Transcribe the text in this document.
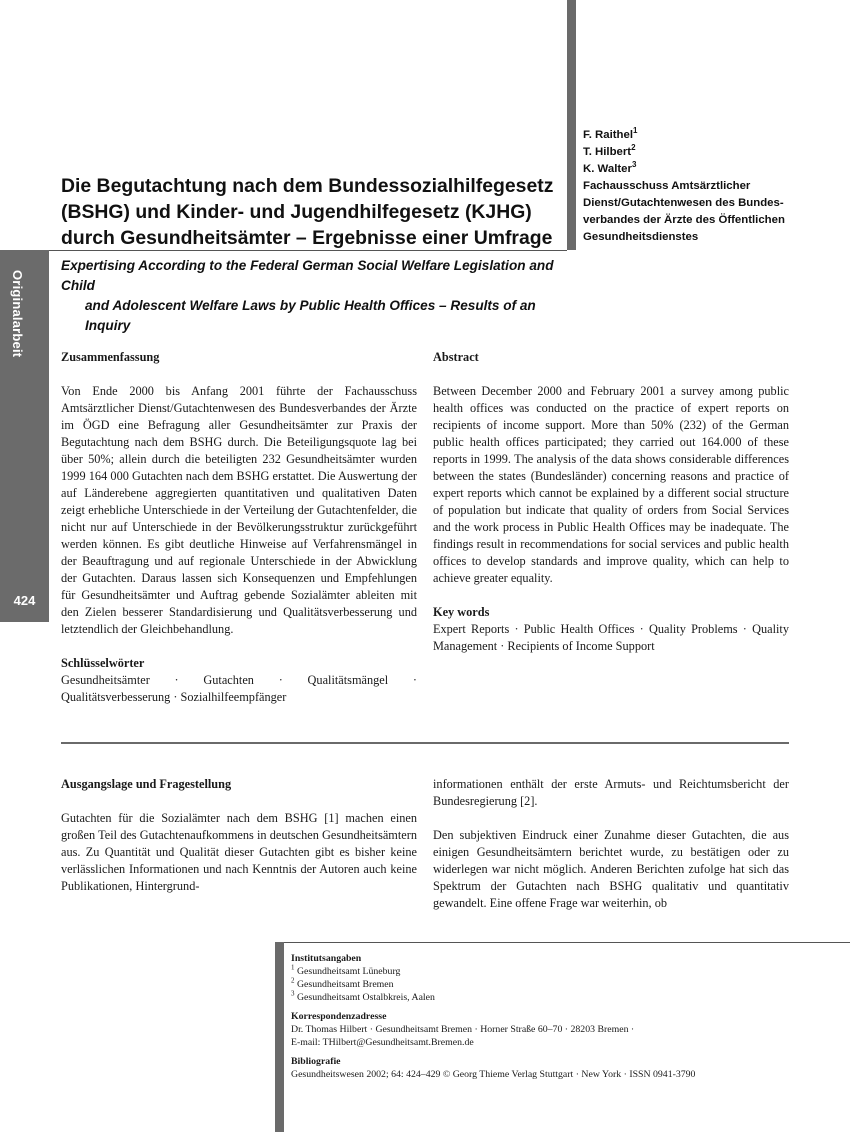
Originalarbeit
424
Die Begutachtung nach dem Bundessozialhilfegesetz (BSHG) und Kinder- und Jugendhilfegesetz (KJHG) durch Gesundheitsämter – Ergebnisse einer Umfrage
Expertising According to the Federal German Social Welfare Legislation and Child
and Adolescent Welfare Laws by Public Health Offices – Results of an Inquiry
F. Raithel$^1$
T. Hilbert$^2$
K. Walter$^3$
Fachausschuss Amtsärztlicher Dienst/Gutachtenwesen des Bundes-verbandes der Ärzte des Öffentlichen Gesundheitsdienstes
Zusammenfassung

Von Ende 2000 bis Anfang 2001 führte der Fachausschuss Amtsärztlicher Dienst/Gutachtenwesen des Bundesverbandes der Ärzte im ÖGD eine Befragung aller Gesundheitsämter zur Praxis der Begutachtung nach dem BSHG durch. Die Beteiligungsquote lag bei über 50%; allein durch die beteiligten 232 Gesundheitsämter wurden 1999 164 000 Gutachten nach dem BSHG erstattet. Die Auswertung der auf Länderebene aggregierten quantitativen und qualitativen Daten zeigt erhebliche Unterschiede in der Verteilung der Gutachtenfelder, die nicht nur auf Unterschiede in der Bevölkerungsstruktur zurückgeführt werden können. Es gibt deutliche Hinweise auf Verfahrensmängel in der Beauftragung und auf regionale Unterschiede in der Abwicklung der Gutachten. Daraus lassen sich Konsequenzen und Empfehlungen für Gesundheitsämter und Auftrag gebende Sozialämter ableiten mit den Zielen besserer Standardisierung und Qualitätsverbesserung und letztendlich der Gleichbehandlung.

Schlüsselwörter

Gesundheitsämter · Gutachten · Qualitätsmängel · Qualitätsverbesserung · Sozialhilfeempfänger

Abstract

Between December 2000 and February 2001 a survey among public health offices was conducted on the practice of expert reports on recipients of income support. More than 50% (232) of the German public health offices participated; they carried out 164.000 of these reports in 1999. The analysis of the data shows considerable differences between the states (Bundesländer) concerning reasons and practice of expert reports which cannot be explained by a different social structure of population but indicate that quality of orders from Social Services and the work process in Public Health Offices may be inadequate. The findings result in recommendations for social services and public health offices to develop standards and improve quality, which can help to achieve greater equality.

Key words

Expert Reports · Public Health Offices · Quality Problems · Quality Management · Recipients of Income Support

Ausgangslage und Fragestellung

Gutachten für die Sozialämter nach dem BSHG [1] machen einen großen Teil des Gutachtenaufkommens in deutschen Gesundheitsämtern aus. Zu Quantität und Qualität dieser Gutachten gibt es bisher keine verlässlichen Informationen und nach Kenntnis der Autoren auch keine Publikationen, Hintergrund-

informationen enthält der erste Armuts- und Reichtumsbericht der Bundesregierung [2].

Den subjektiven Eindruck einer Zunahme dieser Gutachten, die aus einigen Gesundheitsämtern berichtet wurde, zu bestätigen oder zu widerlegen war nicht möglich. Anderen Berichten zufolge hat sich das Spektrum der Gutachten nach BSHG qualitativ und quantitativ gewandelt. Eine offene Frage war weiterhin, ob

Institutsangaben
$^1$ Gesundheitsamt Lüneburg
$^2$ Gesundheitsamt Bremen
$^3$ Gesundheitsamt Ostalbkreis, Aalen
Korrespondenzadresse
Dr. Thomas Hilbert · Gesundheitsamt Bremen · Horner Straße 60–70 · 28203 Bremen ·
E-mail: THilbert@Gesundheitsamt.Bremen.de
Bibliografie
Gesundheitswesen 2002; 64: 424–429 © Georg Thieme Verlag Stuttgart · New York · ISSN 0941-3790
